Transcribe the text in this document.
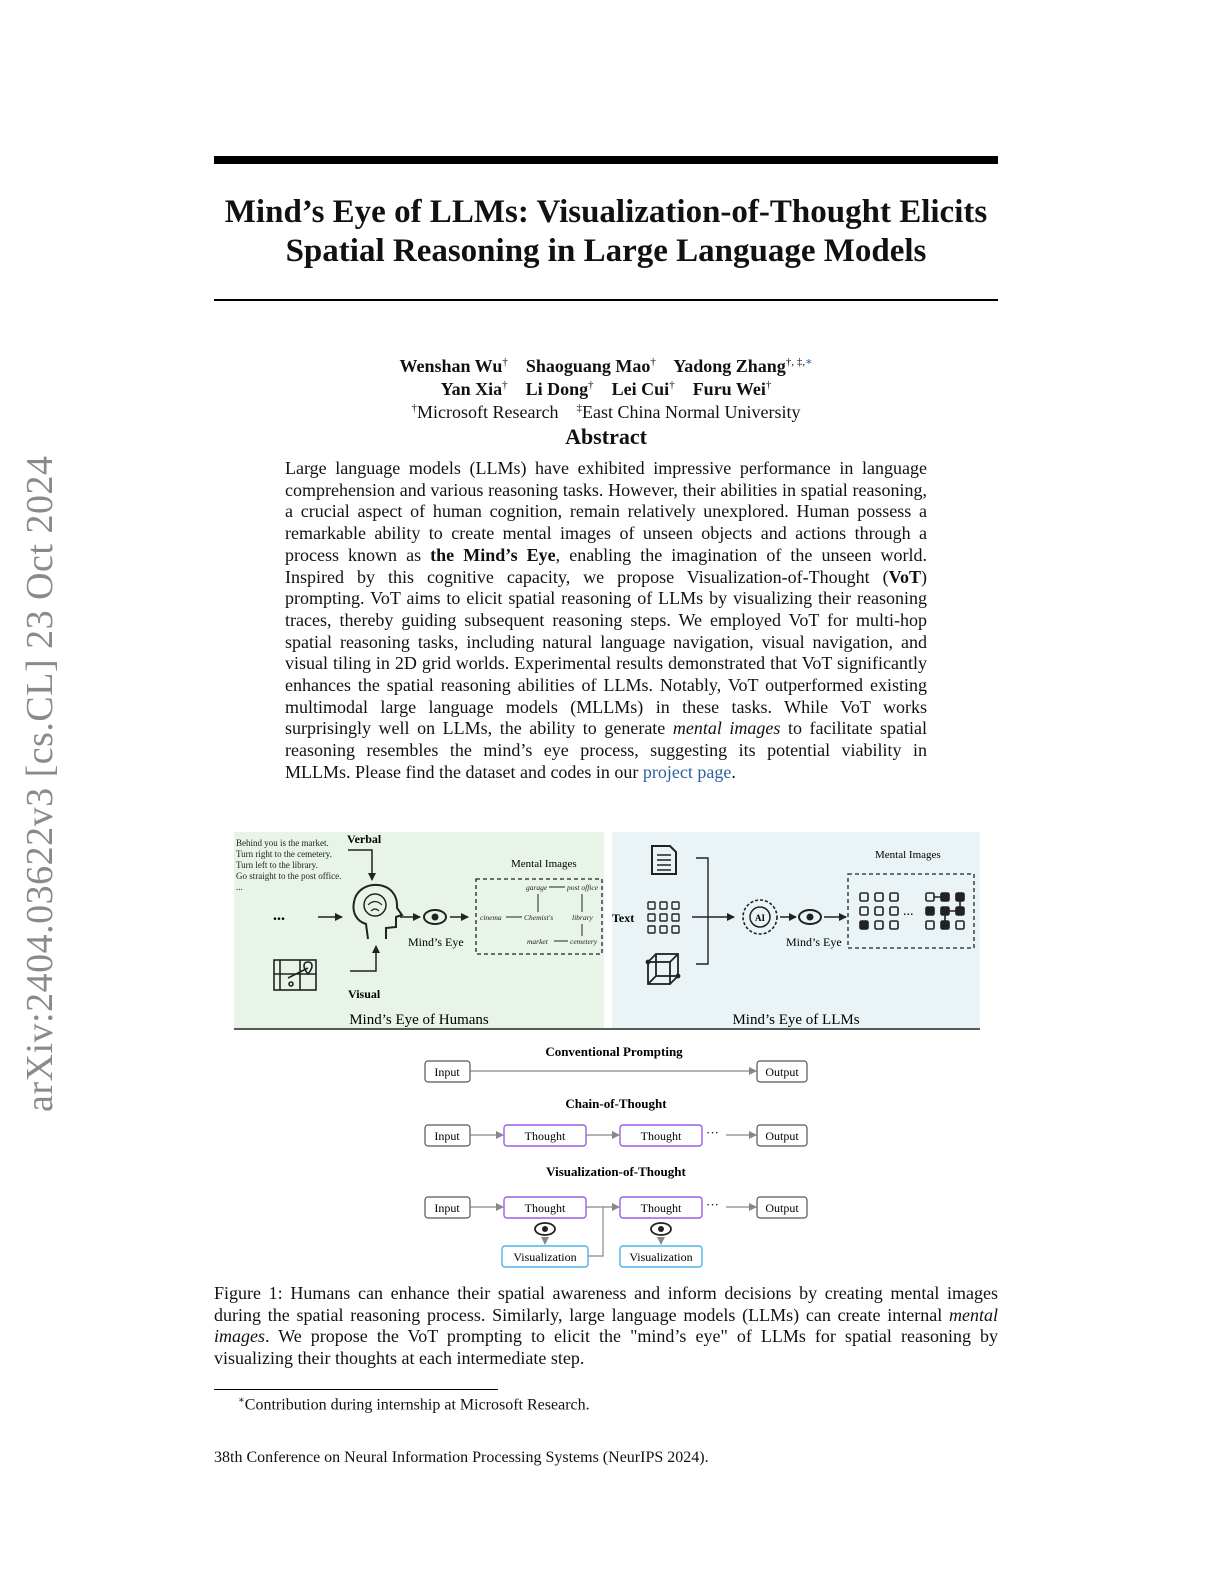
arXiv:2404.03622v3 [cs.CL] 23 Oct 2024
Mind’s Eye of LLMs: Visualization-of-Thought Elicits
Spatial Reasoning in Large Language Models
Wenshan Wu† Shaoguang Mao† Yadong Zhang†, ‡,∗
Yan Xia† Li Dong† Lei Cui† Furu Wei†
†Microsoft Research ‡East China Normal University
Abstract
Large language models (LLMs) have exhibited impressive performance in language comprehension and various reasoning tasks. However, their abilities in spatial reasoning, a crucial aspect of human cognition, remain relatively unexplored. Human possess a remarkable ability to create mental images of unseen objects and actions through a process known as the Mind’s Eye, enabling the imagination of the unseen world. Inspired by this cognitive capacity, we propose Visualization-of-Thought (VoT) prompting. VoT aims to elicit spatial reasoning of LLMs by visualizing their reasoning traces, thereby guiding subsequent reasoning steps. We employed VoT for multi-hop spatial reasoning tasks, including natural language navigation, visual navigation, and visual tiling in 2D grid worlds. Experimental results demonstrated that VoT significantly enhances the spatial reasoning abilities of LLMs. Notably, VoT outperformed existing multimodal large language models (MLLMs) in these tasks. While VoT works surprisingly well on LLMs, the ability to generate mental images to facilitate spatial reasoning resembles the mind’s eye process, suggesting its potential viability in MLLMs. Please find the dataset and codes in our project page.
Behind you is the market.
Turn right to the cemetery.
Turn left to the library.
Go straight to the post office.
...
Verbal
Visual
...
Mind’s Eye
Mental Images
garage	post office
cinema	Chemist's	library
market	cemetery
Mind’s Eye of Humans
Text	AI
Mind’s Eye
Mental Images
...
Mind’s Eye of LLMs
Conventional Prompting
Input	Output
Chain-of-Thought
Input	Thought	Thought ···	Output
Visualization-of-Thought
Input	Thought	Thought ···	Output
Visualization	Visualization
Figure 1: Humans can enhance their spatial awareness and inform decisions by creating mental images during the spatial reasoning process. Similarly, large language models (LLMs) can create internal mental images. We propose the VoT prompting to elicit the "mind’s eye" of LLMs for spatial reasoning by visualizing their thoughts at each intermediate step.
∗Contribution during internship at Microsoft Research.
38th Conference on Neural Information Processing Systems (NeurIPS 2024).
